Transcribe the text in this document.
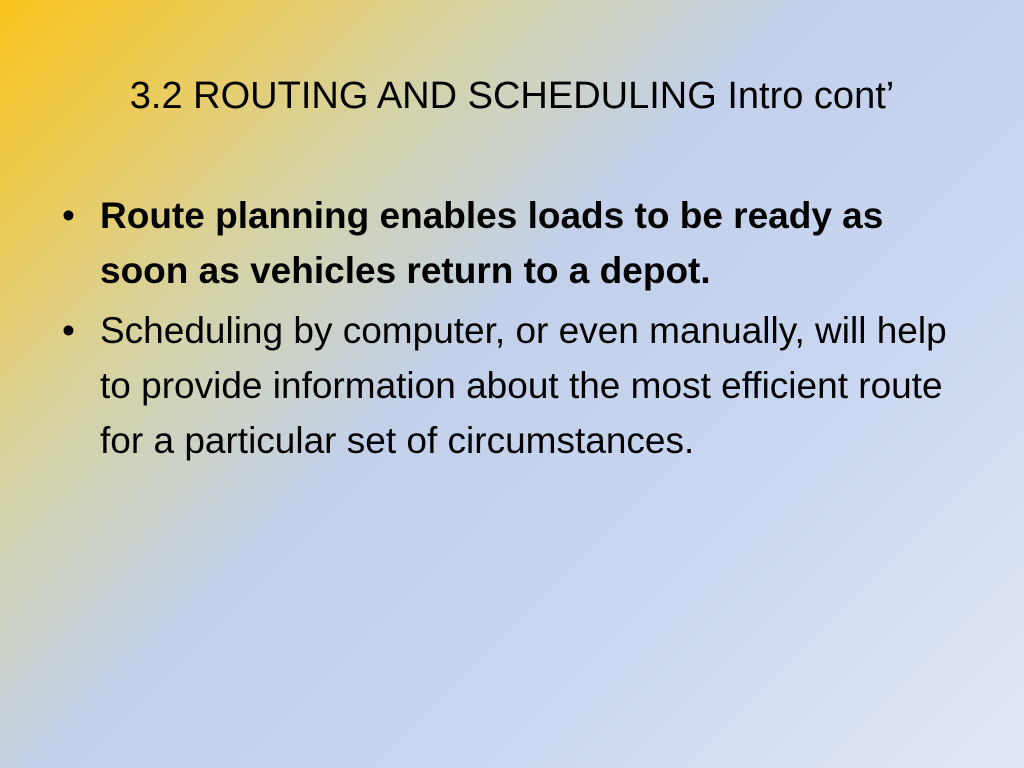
3.2 ROUTING AND SCHEDULING Intro cont’
• Route planning enables loads to be ready as soon as vehicles return to a depot.
• Scheduling by computer, or even manually, will help to provide information about the most efficient route for a particular set of circumstances.
